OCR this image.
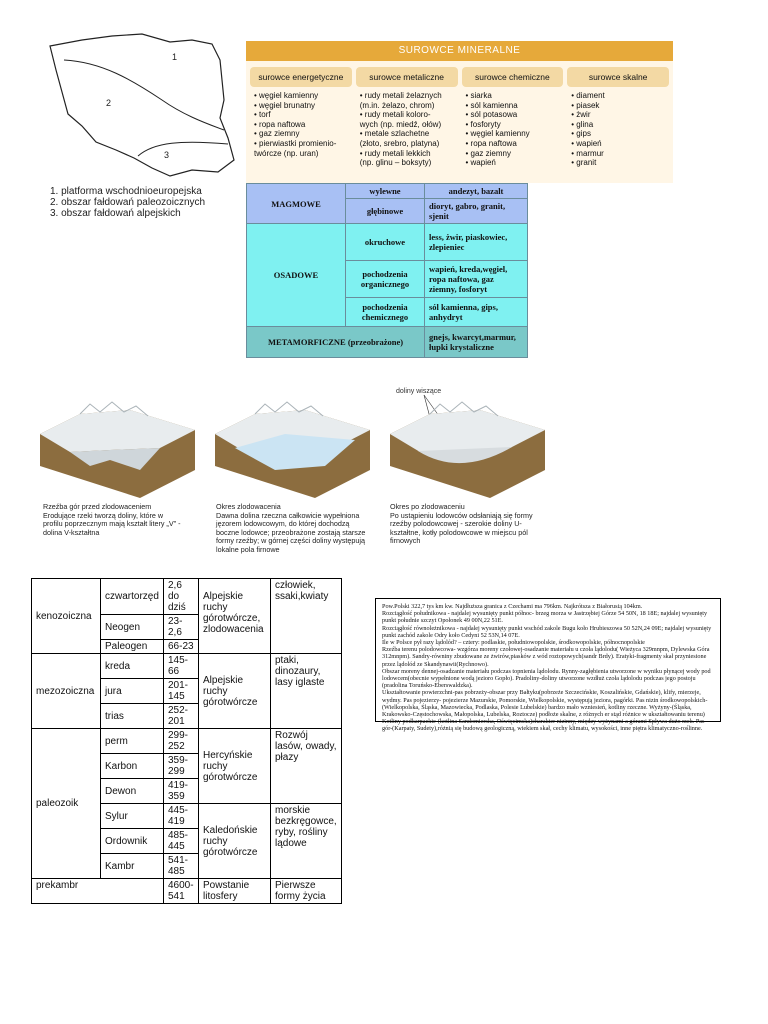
1
2
3
1. platforma wschodnioeuropejska
2. obszar fałdowań paleozoicznych
3. obszar fałdowań alpejskich
SUROWCE MINERALNE
surowce energetyczne
• węgiel kamienny
• węgiel brunatny
• torf
• ropa naftowa
• gaz ziemny
• pierwiastki promienio-
twórcze (np. uran)
surowce metaliczne
• rudy metali żelaznych
(m.in. żelazo, chrom)
• rudy metali koloro-
wych (np. miedź, ołów)
• metale szlachetne
(złoto, srebro, platyna)
• rudy metali lekkich
(np. glinu – boksyty)
surowce chemiczne
• siarka
• sól kamienna
• sól potasowa
• fosforyty
• węgiel kamienny
• ropa naftowa
• gaz ziemny
• wapień
surowce skalne
• diament
• piasek
• żwir
• glina
• gips
• wapień
• marmur
• granit
MAGMOWE	wylewne	andezyt, bazalt
	głębinowe	dioryt, gabro, granit, sjenit
OSADOWE	okruchowe	less, żwir, piaskowiec, zlepieniec
	pochodzenia organicznego	wapień, kreda,węgiel, ropa naftowa, gaz ziemny, fosforyt
	pochodzenia chemicznego	sól kamienna, gips, anhydryt
METAMORFICZNE (przeobrażone)		gnejs, kwarcyt,marmur, łupki krystaliczne
doliny wiszące
Rzeźba gór przed zlodowaceniem
Erodujące rzeki tworzą doliny, które w profilu poprzecznym mają kształt litery „V" - dolina V-kształtna
Okres zlodowacenia
Dawna dolina rzeczna całkowicie wypełniona jęzorem lodowcowym, do której dochodzą boczne lodowce; przeobrażone zostają starsze formy rzeźby; w górnej części doliny występują lokalne pola firnowe
Okres po zlodowaceniu
Po ustąpieniu lodowców odsłaniają się formy rzeźby polodowcowej - szerokie doliny U-kształtne, kotły polodowcowe w miejscu pól firnowych
kenozoiczna	czwartorzęd	2,6 do dziś	Alpejskie ruchy górotwórcze, zlodowacenia	człowiek, ssaki,kwiaty
	Neogen	23-2,6		
	Paleogen	66-23		
mezozoiczna	kreda	145-66	Alpejskie ruchy górotwórcze	ptaki, dinozaury, lasy iglaste
	jura	201-145		
	trias	252-201		
paleozoik	perm	299-252	Hercyńskie ruchy górotwórcze	Rozwój lasów, owady, płazy
	Karbon	359-299		
	Dewon	419-359		
	Sylur	445-419	Kaledońskie ruchy górotwórcze	morskie bezkręgowce, ryby, rośliny lądowe
	Ordownik	485-445		
	Kambr	541-485		
prekambr		4600-541	Powstanie litosfery	Pierwsze formy życia
Pow.Polski 322,7 tys km kw. Najdłuższa granica z Czechami ma 796km. Najkrótsza z Białorusią 104km.
Rozciągłość południkowa - najdalej wysunięty punkt północ- brzeg morza w Jastrzębiej Górze 54 50N, 18 18E; najdalej wysunięty punkt południe szczyt Opołonek 49 00N,22 51E.
Rozciągłość równoleżnikowa - najdalej wysunięty punkt wschód zakole Bugu koło Hrubieszowa 50 52N,24 09E; najdalej wysunięty punkt zachód zakole Odry koło Cedyni 52 53N,14 07E.
Ile w Polsce pył razy lądolód? – cztery: podlaskie, południowopolskie, środkowopolskie, północnopolskie
Rzeźba terenu polodowcowa- wzgórza moreny czołowej-osadzanie materiału u czoła lądolodu( Wieżyca 329mnpm, Dylewska Góra 312mnpm). Sandry-równiny zbudowane ze żwirów,piasków z wód roztopowych(sandr Brdy). Eratyki-fragmenty skał przyniesione przez lądolód ze Skandynawii(Rychnowo).
Obszar moreny dennej-osadzanie materiału podczas topnienia lądolodu. Rynny-zagłębienia utworzone w wyniku płynącej wody pod lodowcem(obecnie wypełnione wodą jezioro Gopło). Pradoliny-doliny utworzone wzdłuż czoła lądolodu podczas jego postoju (pradolina Toruńsko-Eberswaldzka).
Ukształtowanie powierzchni-pas pobrzeży-obszar przy Bałtyku(pobrzeże Szczecińskie, Koszalińskie, Gdańskie), klify, mierzeje, wydmy. Pas pojezierzy- pojezierze Mazurskie, Pomorskie, Wielkopolskie, występują jeziora, pagórki. Pas nizin środkowopolskich- (Wielkopolska, Śląska, Mazowiecka, Podlaska, Polesie Lubelskie) bardzo mało wzniesień, kotliny rzeczne. Wyżyny-(Śląska, Krakowsko-Częstochowska, Małopolska, Lubelska, Roztocze) podłoże skalne, z różnych er stąd różnice w ukształtowaniu terenu) Kotliny podkarpackie-(kotlina Sandomierska, Oświęcimska)charakter nizinny, między wyżynami a górami Spływa dużo rzek. Pas gór-(Karpaty, Sudety),różnią się budową geologiczną, wiekiem skał, cechy klimatu, wysokości, inne piętra klimatyczno-roślinne.
